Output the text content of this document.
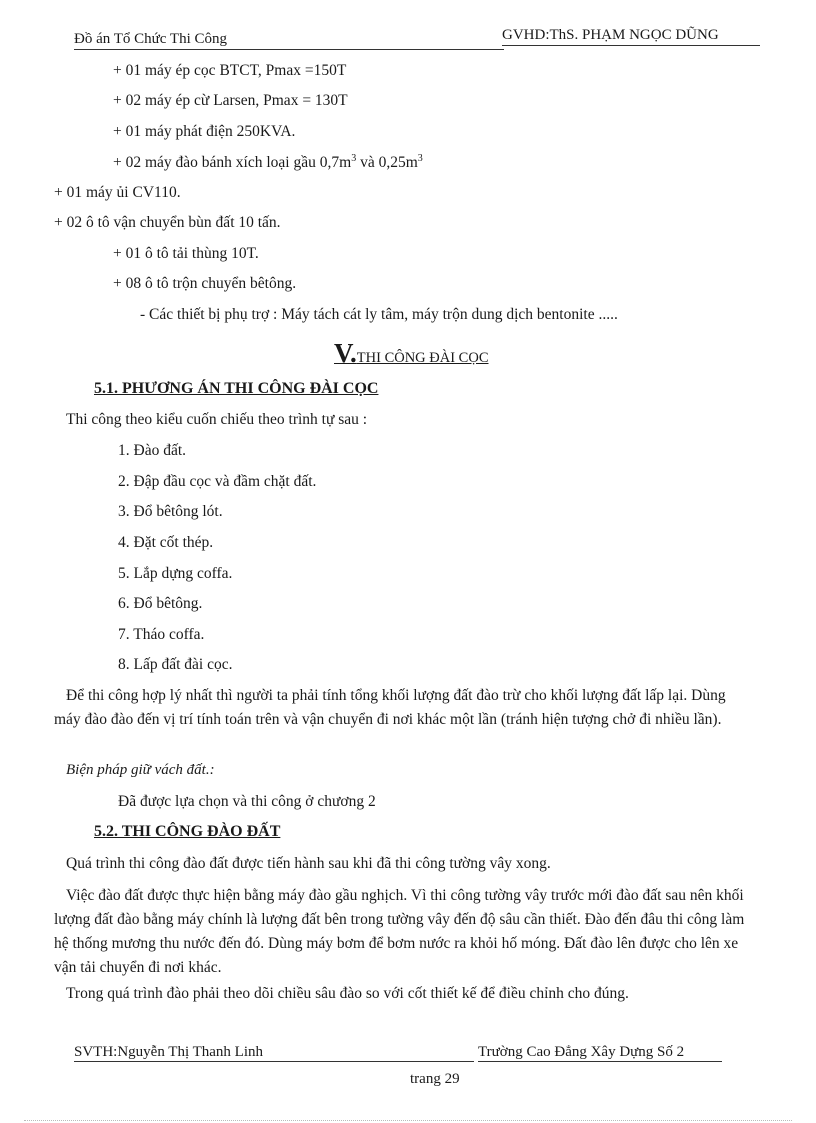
Đồ án Tổ Chức Thi Công	GVHD:ThS. PHẠM NGỌC DŨNG
+ 01 máy ép cọc BTCT, Pmax =150T
+ 02 máy ép cừ Larsen, Pmax = 130T
+ 01 máy phát điện 250KVA.
+ 02 máy đào bánh xích loại gầu $0,7m^3$ và $0,25m^3$
+ 01 máy ủi CV110.
+ 02 ô tô vận chuyển bùn đất 10 tấn.
+ 01 ô tô tải thùng 10T.
+ 08 ô tô trộn chuyển bêtông.
- Các thiết bị phụ trợ : Máy tách cát ly tâm, máy trộn dung dịch bentonite .....
V.THI CÔNG ĐÀI CỌC
5.1. PHƯƠNG ÁN THI CÔNG ĐÀI CỌC
Thi công theo kiểu cuốn chiếu theo trình tự sau :
1. Đào đất.
2. Đập đầu cọc và đầm chặt đất.
3. Đổ bêtông lót.
4. Đặt cốt thép.
5. Lắp dựng coffa.
6. Đổ bêtông.
7. Tháo coffa.
8. Lấp đất đài cọc.
Để thi công hợp lý nhất thì người ta phải tính tổng khối lượng đất đào trừ cho khối lượng đất lấp lại. Dùng máy đào đào đến vị trí tính toán trên và vận chuyển đi nơi khác một lần (tránh hiện tượng chở đi nhiều lần).
Biện pháp giữ vách đất.:
Đã được lựa chọn và thi công ở chương 2
5.2. THI CÔNG ĐÀO ĐẤT
Quá trình thi công đào đất được tiến hành sau khi đã thi công tường vây xong.
Việc đào đất được thực hiện bằng máy đào gầu nghịch. Vì thi công tường vây trước mới đào đất sau nên khối lượng đất đào bằng máy chính là lượng đất bên trong tường vây đến độ sâu cần thiết. Đào đến đâu thi công làm hệ thống mương thu nước đến đó. Dùng máy bơm để bơm nước ra khỏi hố móng. Đất đào lên được cho lên xe vận tải chuyển đi nơi khác.
Trong quá trình đào phải theo dõi chiều sâu đào so với cốt thiết kế để điều chỉnh cho đúng.
SVTH:Nguyễn Thị Thanh Linh	Trường Cao Đẳng Xây Dựng Số 2
trang 29
